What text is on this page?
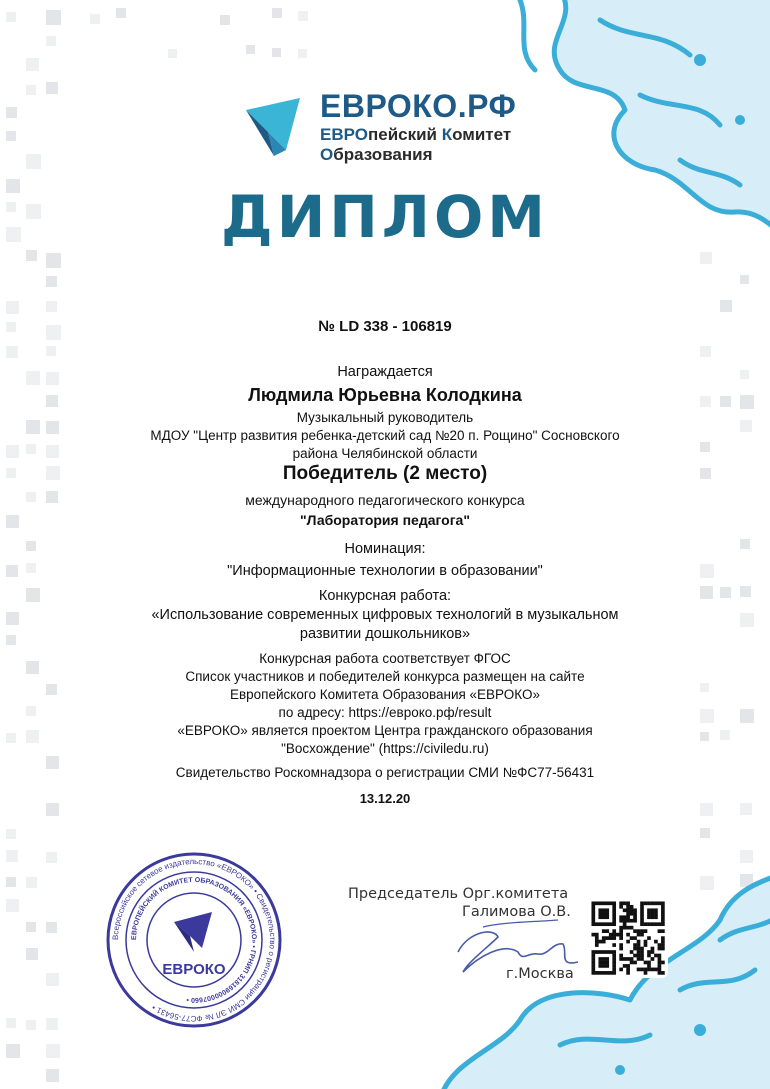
ЕВРОКО.РФ
ЕВРОпейский Комитет
Образования
ДИПЛОМ
№ LD 338 - 106819
Награждается
Людмила Юрьевна Колодкина
Музыкальный руководитель
МДОУ "Центр развития ребенка-детский сад №20 п. Рощино" Сосновского
района Челябинской области
Победитель (2 место)
международного педагогического конкурса
"Лаборатория педагога"
Номинация:
"Информационные технологии в образовании"
Конкурсная работа:
«Использование современных цифровых технологий в музыкальном
развитии дошкольников»
Конкурсная работа соответствует ФГОС
Список участников и победителей конкурса размещен на сайте
Европейского Комитета Образования «ЕВРОКО»
по адресу: https://евроко.рф/result
«ЕВРОКО» является проектом Центра гражданского образования
"Восхождение" (https://civiledu.ru)
Свидетельство Роскомнадзора о регистрации СМИ №ФС77-56431
13.12.20
Всероссийское сетевое издательство «ЕВРОКО» • Свидетельство о регистрации СМИ ЭЛ № ФС77-56431 •
ЕВРОПЕЙСКИЙ КОМИТЕТ ОБРАЗОВАНИЯ «ЕВРОКО» • ГРНИП 318169000007660 •
ЕВРОКО
Председатель Орг.комитета
Галимова О.В.
г.Москва
